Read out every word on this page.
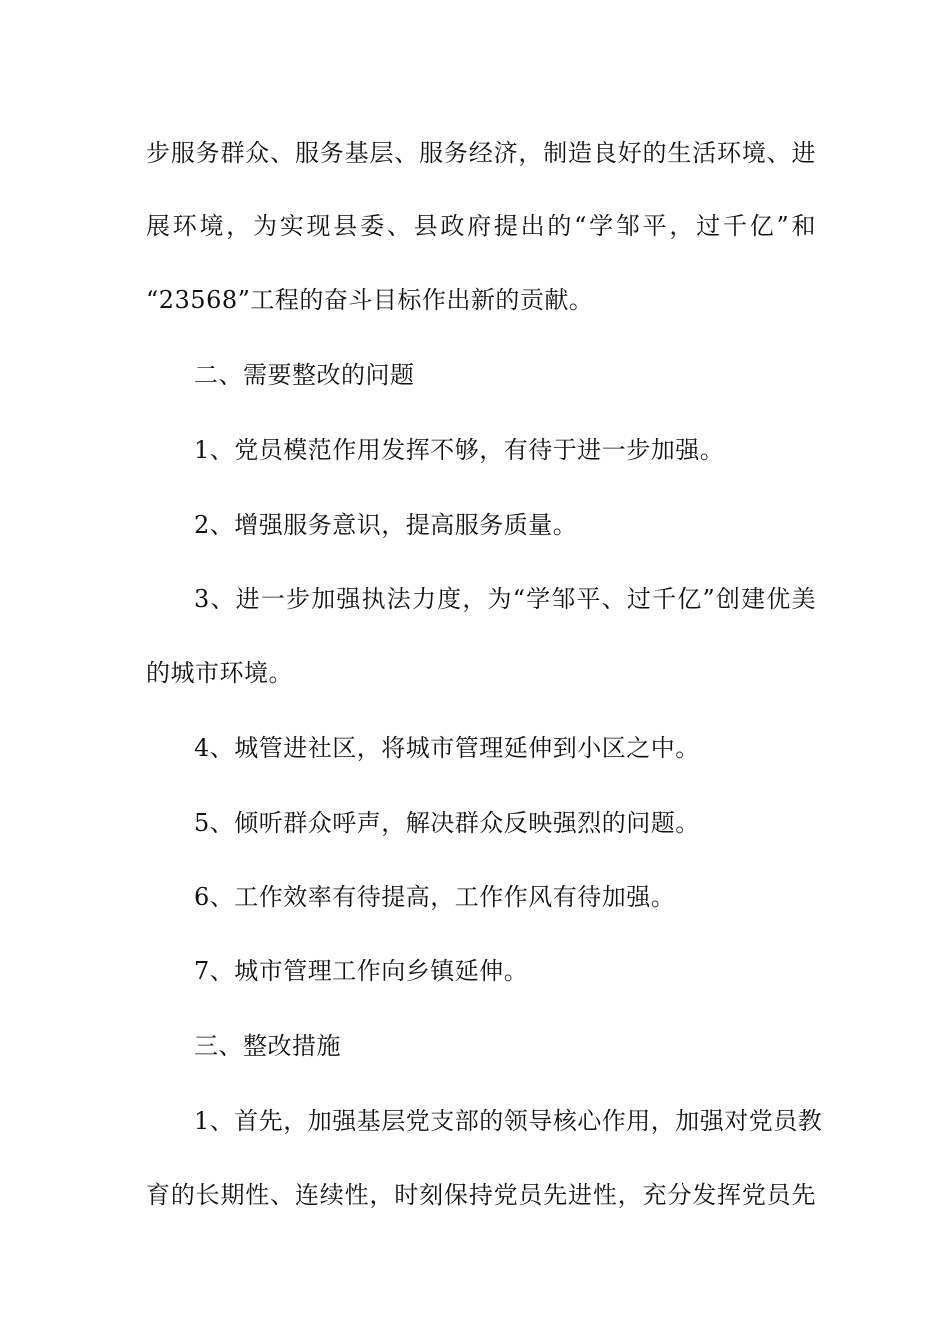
步服务群众、服务基层、服务经济，制造良好的生活环境、进
展环境，为实现县委、县政府提出的“学邹平，过千亿”和
“23568”工程的奋斗目标作出新的贡献。
二、需要整改的问题
1、党员模范作用发挥不够，有待于进一步加强。
2、增强服务意识，提高服务质量。
3、进一步加强执法力度，为“学邹平、过千亿”创建优美
的城市环境。
4、城管进社区，将城市管理延伸到小区之中。
5、倾听群众呼声，解决群众反映强烈的问题。
6、工作效率有待提高，工作作风有待加强。
7、城市管理工作向乡镇延伸。
三、整改措施
1、首先，加强基层党支部的领导核心作用，加强对党员教
育的长期性、连续性，时刻保持党员先进性，充分发挥党员先
